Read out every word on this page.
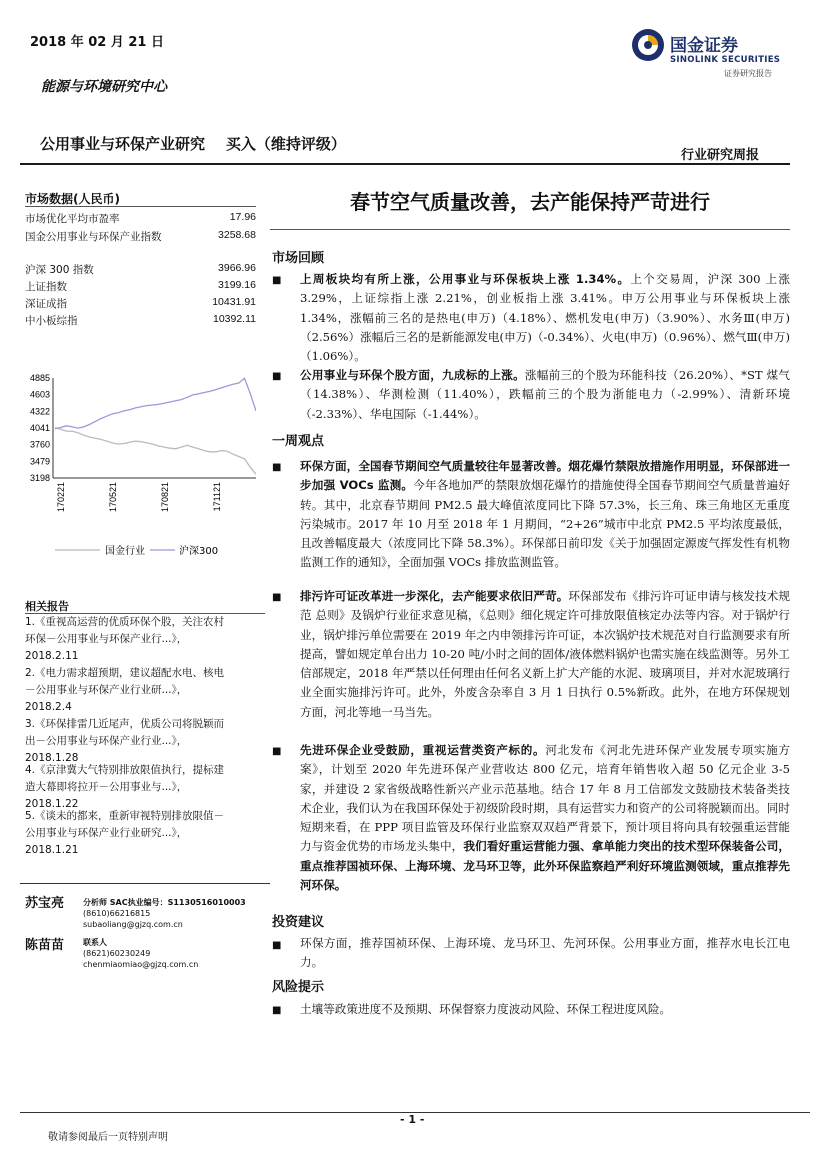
2018 年 02 月 21 日
能源与环境研究中心
公用事业与环保产业研究    买入（维持评级）
行业研究周报
国金证券
SINOLINK SECURITIES
证券研究报告
市场数据(人民币)
市场优化平均市盈率	17.96
国金公用事业与环保产业指数	3258.68
沪深 300 指数	3966.96
上证指数	3199.16
深证成指	10431.91
中小板综指	10392.11
4885
4603
4322
4041
3760
3479
3198
170221	170521	170821	171121
国金行业	沪深300
相关报告
1.《重视高运营的优质环保个股，关注农村
环保－公用事业与环保产业行...》，
2018.2.11
2.《电力需求超预期，建议超配水电、核电
－公用事业与环保产业行业研...》，
2018.2.4
3.《环保排雷几近尾声，优质公司将脱颖而
出－公用事业与环保产业行业...》，
2018.1.28
4.《京津冀大气特别排放限值执行，提标建
造大幕即将拉开－公用事业与...》，
2018.1.22
5.《谈未的都来，重新审视特别排放限值－
公用事业与环保产业行业研究...》，
2018.1.21
苏宝亮 分析师 SAC执业编号：S1130516010003
(8610)66216815
subaoliang@gjzq.com.cn
陈苗苗 联系人
(8621)60230249
chenmiaomiao@gjzq.com.cn
春节空气质量改善，去产能保持严苛进行
市场回顾
■ 上周板块均有所上涨，公用事业与环保板块上涨 1.34%。上个交易周，沪深 300 上涨 3.29%，上证综指上涨 2.21%，创业板指上涨 3.41%。申万公用事业与环保板块上涨 1.34%，涨幅前三名的是热电(申万)（4.18%）、燃机发电(申万)（3.90%）、水务Ⅲ(申万)（2.56%）涨幅后三名的是新能源发电(申万)（-0.34%）、火电(申万)（0.96%）、燃气Ⅲ(申万)（1.06%）。
■ 公用事业与环保个股方面，九成标的上涨。涨幅前三的个股为环能科技（26.20%）、*ST 煤气（14.38%）、华测检测（11.40%），跌幅前三的个股为浙能电力（-2.99%）、清新环境（-2.33%）、华电国际（-1.44%）。
一周观点
■ 环保方面，全国春节期间空气质量较往年显著改善。烟花爆竹禁限放措施作用明显，环保部进一步加强 VOCs 监测。今年各地加严的禁限放烟花爆竹的措施使得全国春节期间空气质量普遍好转。其中，北京春节期间 PM2.5 最大峰值浓度同比下降 57.3%，长三角、珠三角地区无重度污染城市。2017 年 10 月至 2018 年 1 月期间，“2+26”城市中北京 PM2.5 平均浓度最低，且改善幅度最大（浓度同比下降 58.3%）。环保部日前印发《关于加强固定源废气挥发性有机物监测工作的通知》，全面加强 VOCs 排放监测监管。
■ 排污许可证改革进一步深化，去产能要求依旧严苛。环保部发布《排污许可证申请与核发技术规范 总则》及锅炉行业征求意见稿，《总则》细化规定许可排放限值核定办法等内容。对于锅炉行业，锅炉排污单位需要在 2019 年之内申领排污许可证，本次锅炉技术规范对自行监测要求有所提高，譬如规定单台出力 10-20 吨/小时之间的固体/液体燃料锅炉也需实施在线监测等。另外工信部规定，2018 年严禁以任何理由任何名义新上扩大产能的水泥、玻璃项目，并对水泥玻璃行业全面实施排污许可。此外，外废含杂率自 3 月 1 日执行 0.5%新政。此外，在地方环保规划方面，河北等地一马当先。
■ 先进环保企业受鼓励，重视运营类资产标的。河北发布《河北先进环保产业发展专项实施方案》，计划至 2020 年先进环保产业营收达 800 亿元，培育年销售收入超 50 亿元企业 3-5 家，并建设 2 家省级战略性新兴产业示范基地。结合 17 年 8 月工信部发文鼓励技术装备类技术企业，我们认为在我国环保处于初级阶段时期，具有运营实力和资产的公司将脱颖而出。同时短期来看，在 PPP 项目监管及环保行业监察双双趋严背景下，预计项目将向具有较强重运营能力与资金优势的市场龙头集中，我们看好重运营能力强、拿单能力突出的技术型环保装备公司，重点推荐国祯环保、上海环境、龙马环卫等，此外环保监察趋严利好环境监测领域，重点推荐先河环保。
投资建议
■ 环保方面，推荐国祯环保、上海环境、龙马环卫、先河环保。公用事业方面，推荐水电长江电力。
风险提示
■ 土壤等政策进度不及预期、环保督察力度波动风险、环保工程进度风险。
- 1 -
敬请参阅最后一页特别声明
